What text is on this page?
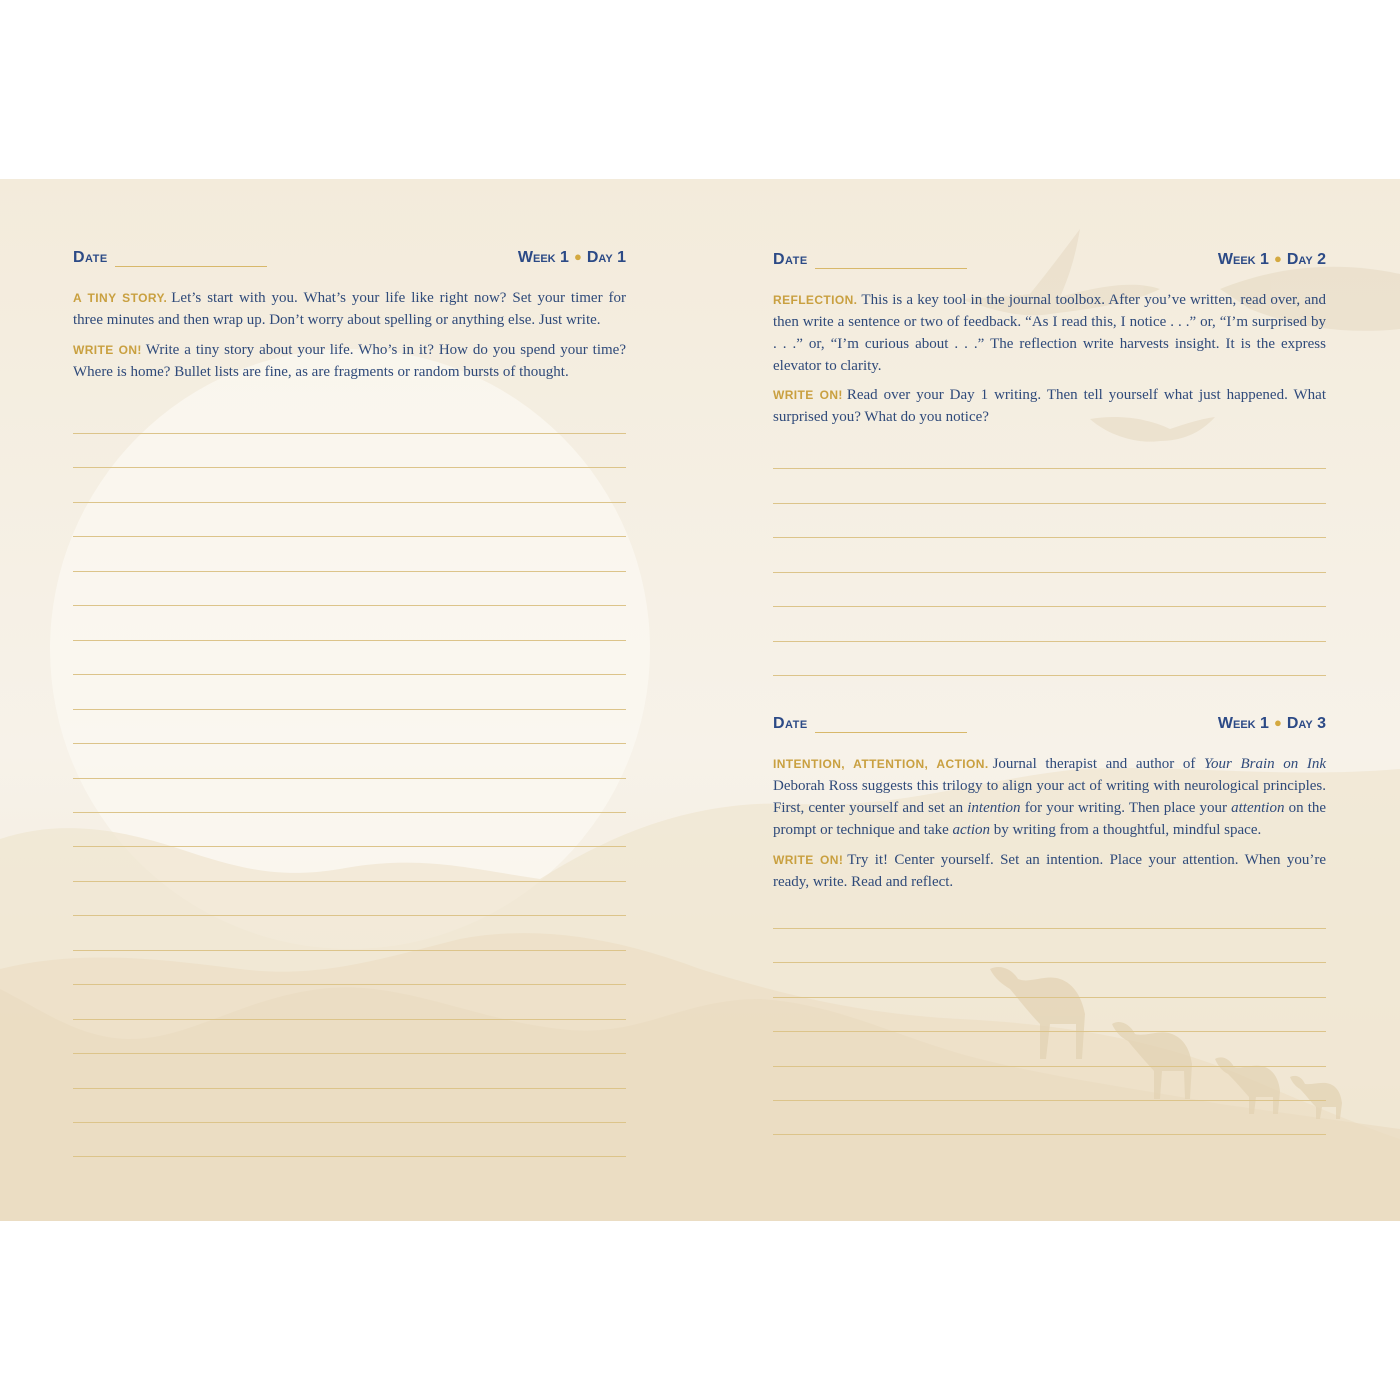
Date	Week 1 ● Day 1
A TINY STORY. Let’s start with you. What’s your life like right now? Set your timer for three minutes and then wrap up. Don’t worry about spelling or anything else. Just write.
WRITE ON! Write a tiny story about your life. Who’s in it? How do you spend your time? Where is home? Bullet lists are fine, as are fragments or random bursts of thought.
Date	Week 1 ● Day 2
REFLECTION. This is a key tool in the journal toolbox. After you’ve written, read over, and then write a sentence or two of feedback. “As I read this, I notice . . .” or, “I’m surprised by . . .” or, “I’m curious about . . .” The reflection write harvests insight. It is the express elevator to clarity.
WRITE ON! Read over your Day 1 writing. Then tell yourself what just happened. What surprised you? What do you notice?
Date	Week 1 ● Day 3
INTENTION, ATTENTION, ACTION. Journal therapist and author of Your Brain on Ink Deborah Ross suggests this trilogy to align your act of writing with neurological principles. First, center yourself and set an intention for your writing. Then place your attention on the prompt or technique and take action by writing from a thoughtful, mindful space.
WRITE ON! Try it! Center yourself. Set an intention. Place your attention. When you’re ready, write. Read and reflect.
